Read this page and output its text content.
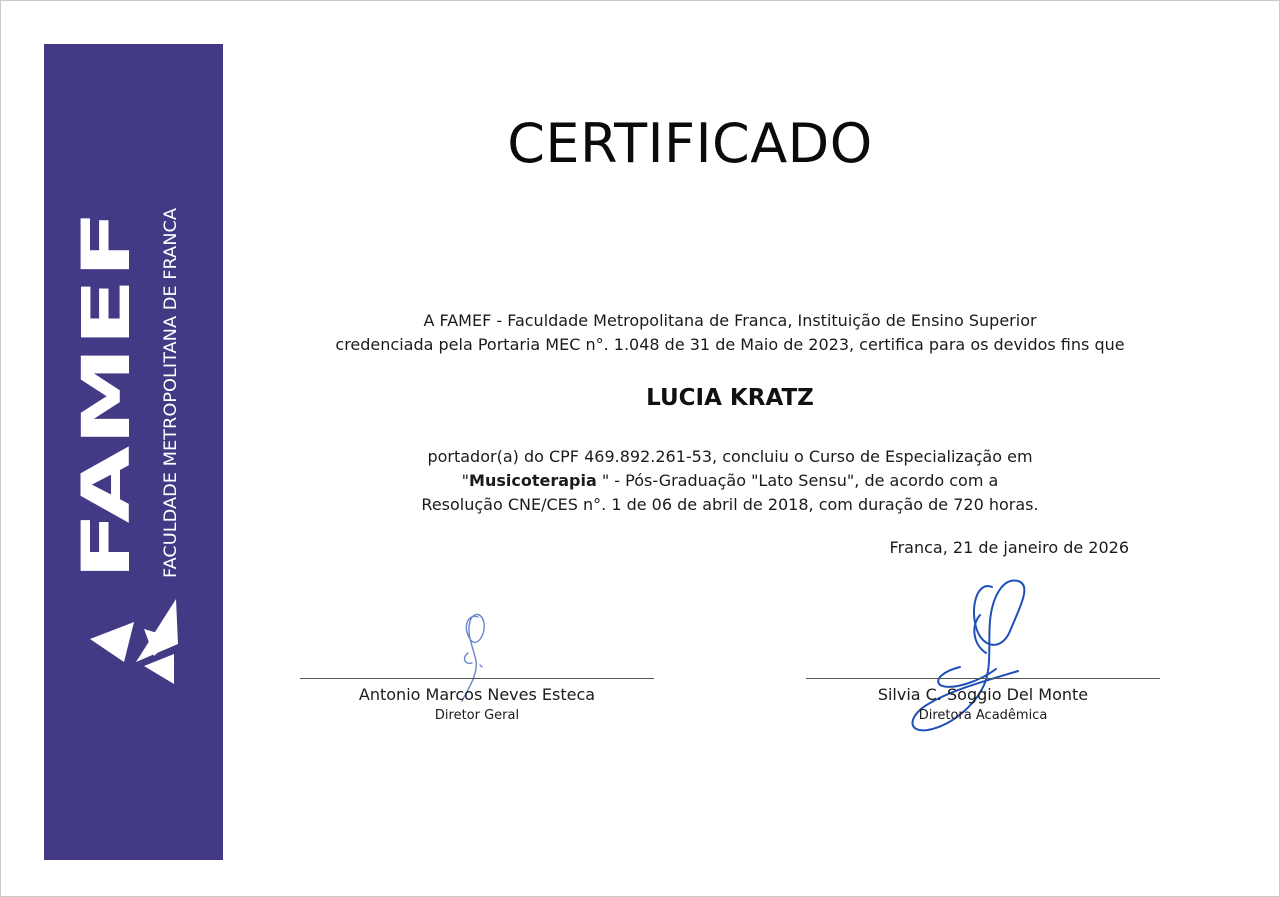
FAMEF FACULDADE METROPOLITANA DE FRANCA
CERTIFICADO
A FAMEF - Faculdade Metropolitana de Franca, Instituição de Ensino Superior
credenciada pela Portaria MEC n°. 1.048 de 31 de Maio de 2023, certifica para os devidos fins que
LUCIA KRATZ
portador(a) do CPF 469.892.261-53, concluiu o Curso de Especialização em
"Musicoterapia " - Pós-Graduação "Lato Sensu", de acordo com a
Resolução CNE/CES n°. 1 de 06 de abril de 2018, com duração de 720 horas.
Franca, 21 de janeiro de 2026
Antonio Marcos Neves Esteca
Diretor Geral
Silvia C. Soggio Del Monte
Diretora Acadêmica
